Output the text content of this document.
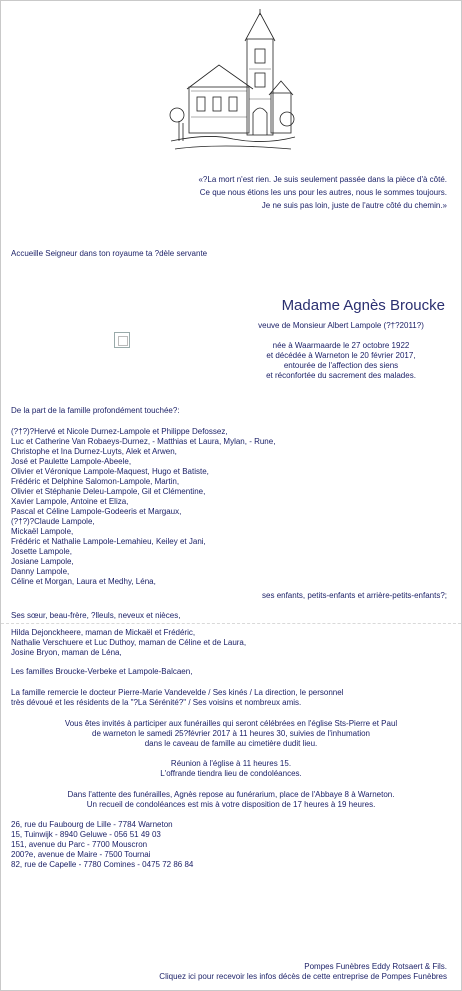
«?La mort n'est rien. Je suis seulement passée dans la pièce d'à côté.
Ce que nous étions les uns pour les autres, nous le sommes toujours.
Je ne suis pas loin, juste de l'autre côté du chemin.»
Accueille Seigneur dans ton royaume ta ?dèle servante
Madame Agnès Broucke
veuve de Monsieur Albert Lampole (?†?2011?)
née à Waarmaarde le 27 octobre 1922
et décédée à Warneton le 20 février 2017,
entourée de l'affection des siens
et réconfortée du sacrement des malades.
De la part de la famille profondément touchée?:
(?†?)?Hervé et Nicole Durnez-Lampole et Philippe Defossez,
Luc et Catherine Van Robaeys-Durnez, - Matthias et Laura, Mylan, - Rune,
Christophe et Ina Durnez-Luyts, Alek et Arwen,
José et Paulette Lampole-Abeele,
Olivier et Véronique Lampole-Maquest, Hugo et Batiste,
Frédéric et Delphine Salomon-Lampole, Martin,
Olivier et Stéphanie Deleu-Lampole, Gil et Clémentine,
Xavier Lampole, Antoine et Eliza,
Pascal et Céline Lampole-Godeeris et Margaux,
(?†?)?Claude Lampole,
Mickaël Lampole,
Frédéric et Nathalie Lampole-Lemahieu, Keiley et Jani,
Josette Lampole,
Josiane Lampole,
Danny Lampole,
Céline et Morgan, Laura et Medhy, Léna,
ses enfants, petits-enfants et arrière-petits-enfants?;
Ses sœur, beau-frère, ?lleuls, neveux et nièces,
Hilda Dejonckheere, maman de Mickaël et Frédéric,
Nathalie Verschuere et Luc Duthoy, maman de Céline et de Laura,
Josine Bryon, maman de Léna,
Les familles Broucke-Verbeke et Lampole-Balcaen,
La famille remercie le docteur Pierre-Marie Vandevelde / Ses kinés / La direction, le personnel
très dévoué et les résidents de la "?La Sérénité?" / Ses voisins et nombreux amis.
Vous êtes invités à participer aux funérailles qui seront célébrées en l'église Sts-Pierre et Paul
de warneton le samedi 25?février 2017 à 11 heures 30, suivies de l'inhumation
dans le caveau de famille au cimetière dudit lieu.
Réunion à l'église à 11 heures 15.
L'offrande tiendra lieu de condoléances.
Dans l'attente des funérailles, Agnès repose au funérarium, place de l'Abbaye 8 à Warneton.
Un recueil de condoléances est mis à votre disposition de 17 heures à 19 heures.
26, rue du Faubourg de Lille - 7784 Warneton
15, Tuinwijk - 8940 Geluwe - 056 51 49 03
151, avenue du Parc - 7700 Mouscron
200?e, avenue de Maire - 7500 Tournai
82, rue de Capelle - 7780 Comines - 0475 72 86 84
Pompes Funèbres Eddy Rotsaert & Fils.
Cliquez ici pour recevoir les infos décès de cette entreprise de Pompes Funèbres
